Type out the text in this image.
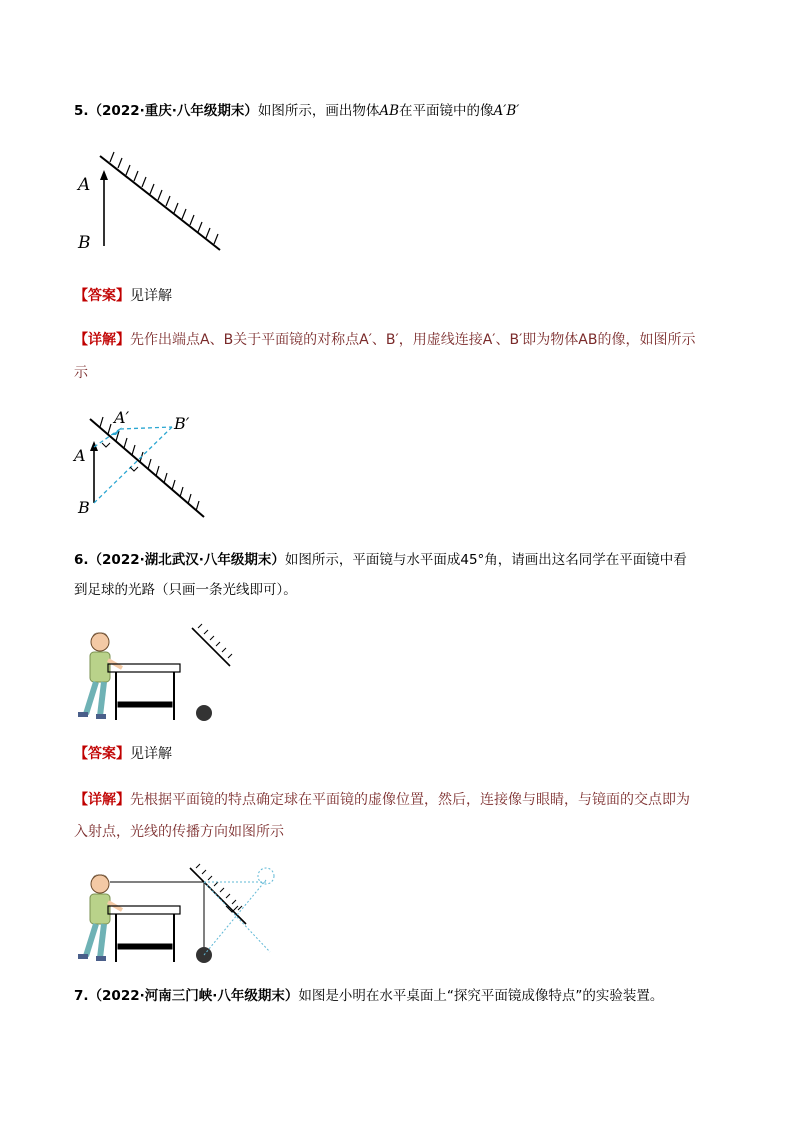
5.（2022·重庆·八年级期末）如图所示，画出物体AB在平面镜中的像A′B′
A
B
【答案】见详解
【详解】先作出端点A、B关于平面镜的对称点A′、B′，用虚线连接A′、B′即为物体AB的像，如图所示
示
A
B
A′	B′
6.（2022·湖北武汉·八年级期末）如图所示，平面镜与水平面成45°角，请画出这名同学在平面镜中看
到足球的光路（只画一条光线即可）。
【答案】见详解
【详解】先根据平面镜的特点确定球在平面镜的虚像位置，然后，连接像与眼睛，与镜面的交点即为
入射点，光线的传播方向如图所示
7.（2022·河南三门峡·八年级期末）如图是小明在水平桌面上“探究平面镜成像特点”的实验装置。
